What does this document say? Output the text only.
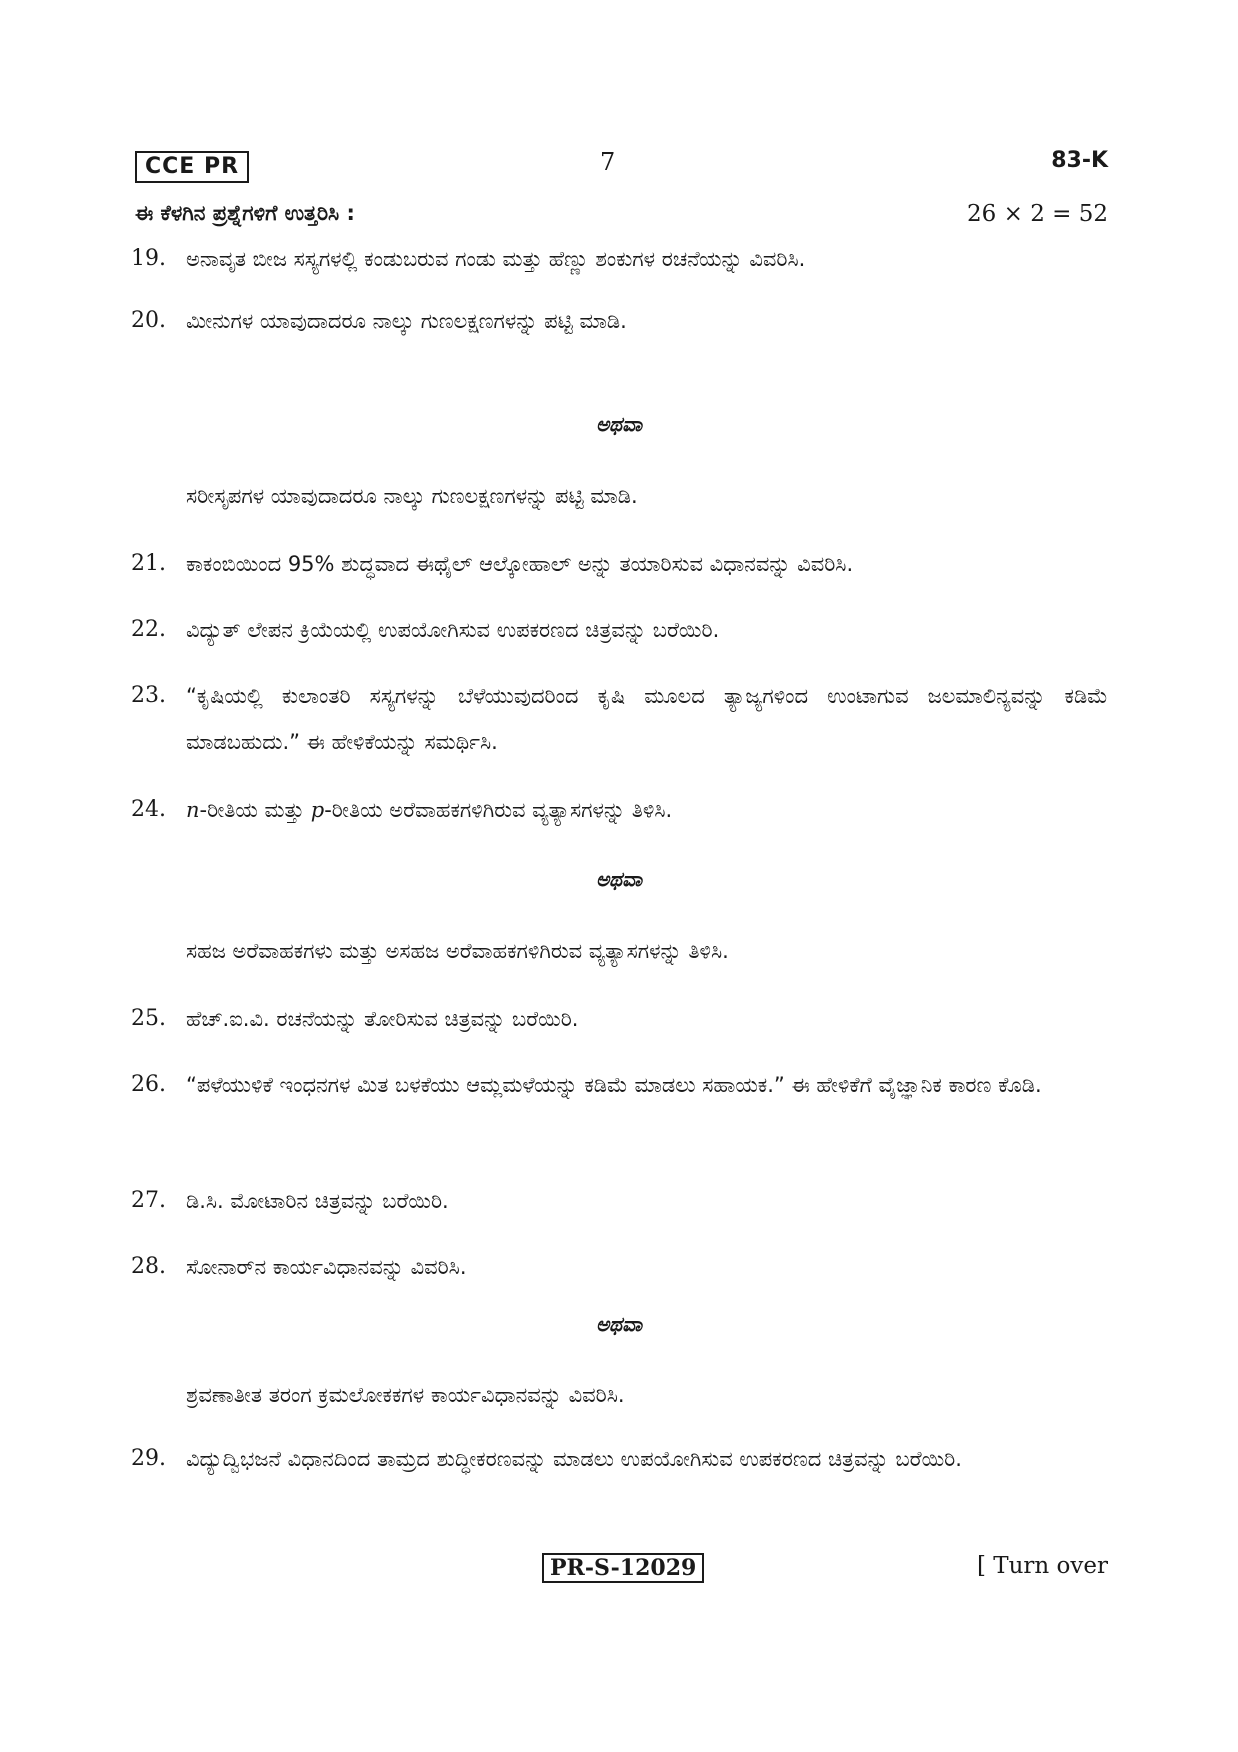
CCE PR	7	83-K
ಈ ಕೆಳಗಿನ ಪ್ರಶ್ನೆಗಳಿಗೆ ಉತ್ತರಿಸಿ :	26 × 2 = 52
19. ಅನಾವೃತ ಬೀಜ ಸಸ್ಯಗಳಲ್ಲಿ ಕಂಡುಬರುವ ಗಂಡು ಮತ್ತು ಹೆಣ್ಣು ಶಂಕುಗಳ ರಚನೆಯನ್ನು ವಿವರಿಸಿ.
20. ಮೀನುಗಳ ಯಾವುದಾದರೂ ನಾಲ್ಕು ಗುಣಲಕ್ಷಣಗಳನ್ನು ಪಟ್ಟಿ ಮಾಡಿ.
ಅಥವಾ
ಸರೀಸೃಪಗಳ ಯಾವುದಾದರೂ ನಾಲ್ಕು ಗುಣಲಕ್ಷಣಗಳನ್ನು ಪಟ್ಟಿ ಮಾಡಿ.
21. ಕಾಕಂಬಿಯಿಂದ 95% ಶುದ್ಧವಾದ ಈಥೈಲ್ ಆಲ್ಕೋಹಾಲ್ ಅನ್ನು ತಯಾರಿಸುವ ವಿಧಾನವನ್ನು ವಿವರಿಸಿ.
22. ವಿದ್ಯುತ್ ಲೇಪನ ಕ್ರಿಯೆಯಲ್ಲಿ ಉಪಯೋಗಿಸುವ ಉಪಕರಣದ ಚಿತ್ರವನ್ನು ಬರೆಯಿರಿ.
23. “ಕೃಷಿಯಲ್ಲಿ ಕುಲಾಂತರಿ ಸಸ್ಯಗಳನ್ನು ಬೆಳೆಯುವುದರಿಂದ ಕೃಷಿ ಮೂಲದ ತ್ಯಾಜ್ಯಗಳಿಂದ ಉಂಟಾಗುವ ಜಲಮಾಲಿನ್ಯವನ್ನು ಕಡಿಮೆ ಮಾಡಬಹುದು.” ಈ ಹೇಳಿಕೆಯನ್ನು ಸಮರ್ಥಿಸಿ.
24. n-ರೀತಿಯ ಮತ್ತು p-ರೀತಿಯ ಅರೆವಾಹಕಗಳಿಗಿರುವ ವ್ಯತ್ಯಾಸಗಳನ್ನು ತಿಳಿಸಿ.
ಅಥವಾ
ಸಹಜ ಅರೆವಾಹಕಗಳು ಮತ್ತು ಅಸಹಜ ಅರೆವಾಹಕಗಳಿಗಿರುವ ವ್ಯತ್ಯಾಸಗಳನ್ನು ತಿಳಿಸಿ.
25. ಹೆಚ್.ಐ.ವಿ. ರಚನೆಯನ್ನು ತೋರಿಸುವ ಚಿತ್ರವನ್ನು ಬರೆಯಿರಿ.
26. “ಪಳೆಯುಳಿಕೆ ಇಂಧನಗಳ ಮಿತ ಬಳಕೆಯು ಆಮ್ಲಮಳೆಯನ್ನು ಕಡಿಮೆ ಮಾಡಲು ಸಹಾಯಕ.” ಈ ಹೇಳಿಕೆಗೆ ವೈಜ್ಞಾನಿಕ ಕಾರಣ ಕೊಡಿ.
27. ಡಿ.ಸಿ. ಮೋಟಾರಿನ ಚಿತ್ರವನ್ನು ಬರೆಯಿರಿ.
28. ಸೋನಾರ್‌ನ ಕಾರ್ಯವಿಧಾನವನ್ನು ವಿವರಿಸಿ.
ಅಥವಾ
ಶ್ರವಣಾತೀತ ತರಂಗ ಕ್ರಮಲೋಕಕಗಳ ಕಾರ್ಯವಿಧಾನವನ್ನು ವಿವರಿಸಿ.
29. ವಿದ್ಯುದ್ವಿಭಜನೆ ವಿಧಾನದಿಂದ ತಾಮ್ರದ ಶುದ್ಧೀಕರಣವನ್ನು ಮಾಡಲು ಉಪಯೋಗಿಸುವ ಉಪಕರಣದ ಚಿತ್ರವನ್ನು ಬರೆಯಿರಿ.
PR-S-12029	[ Turn over
